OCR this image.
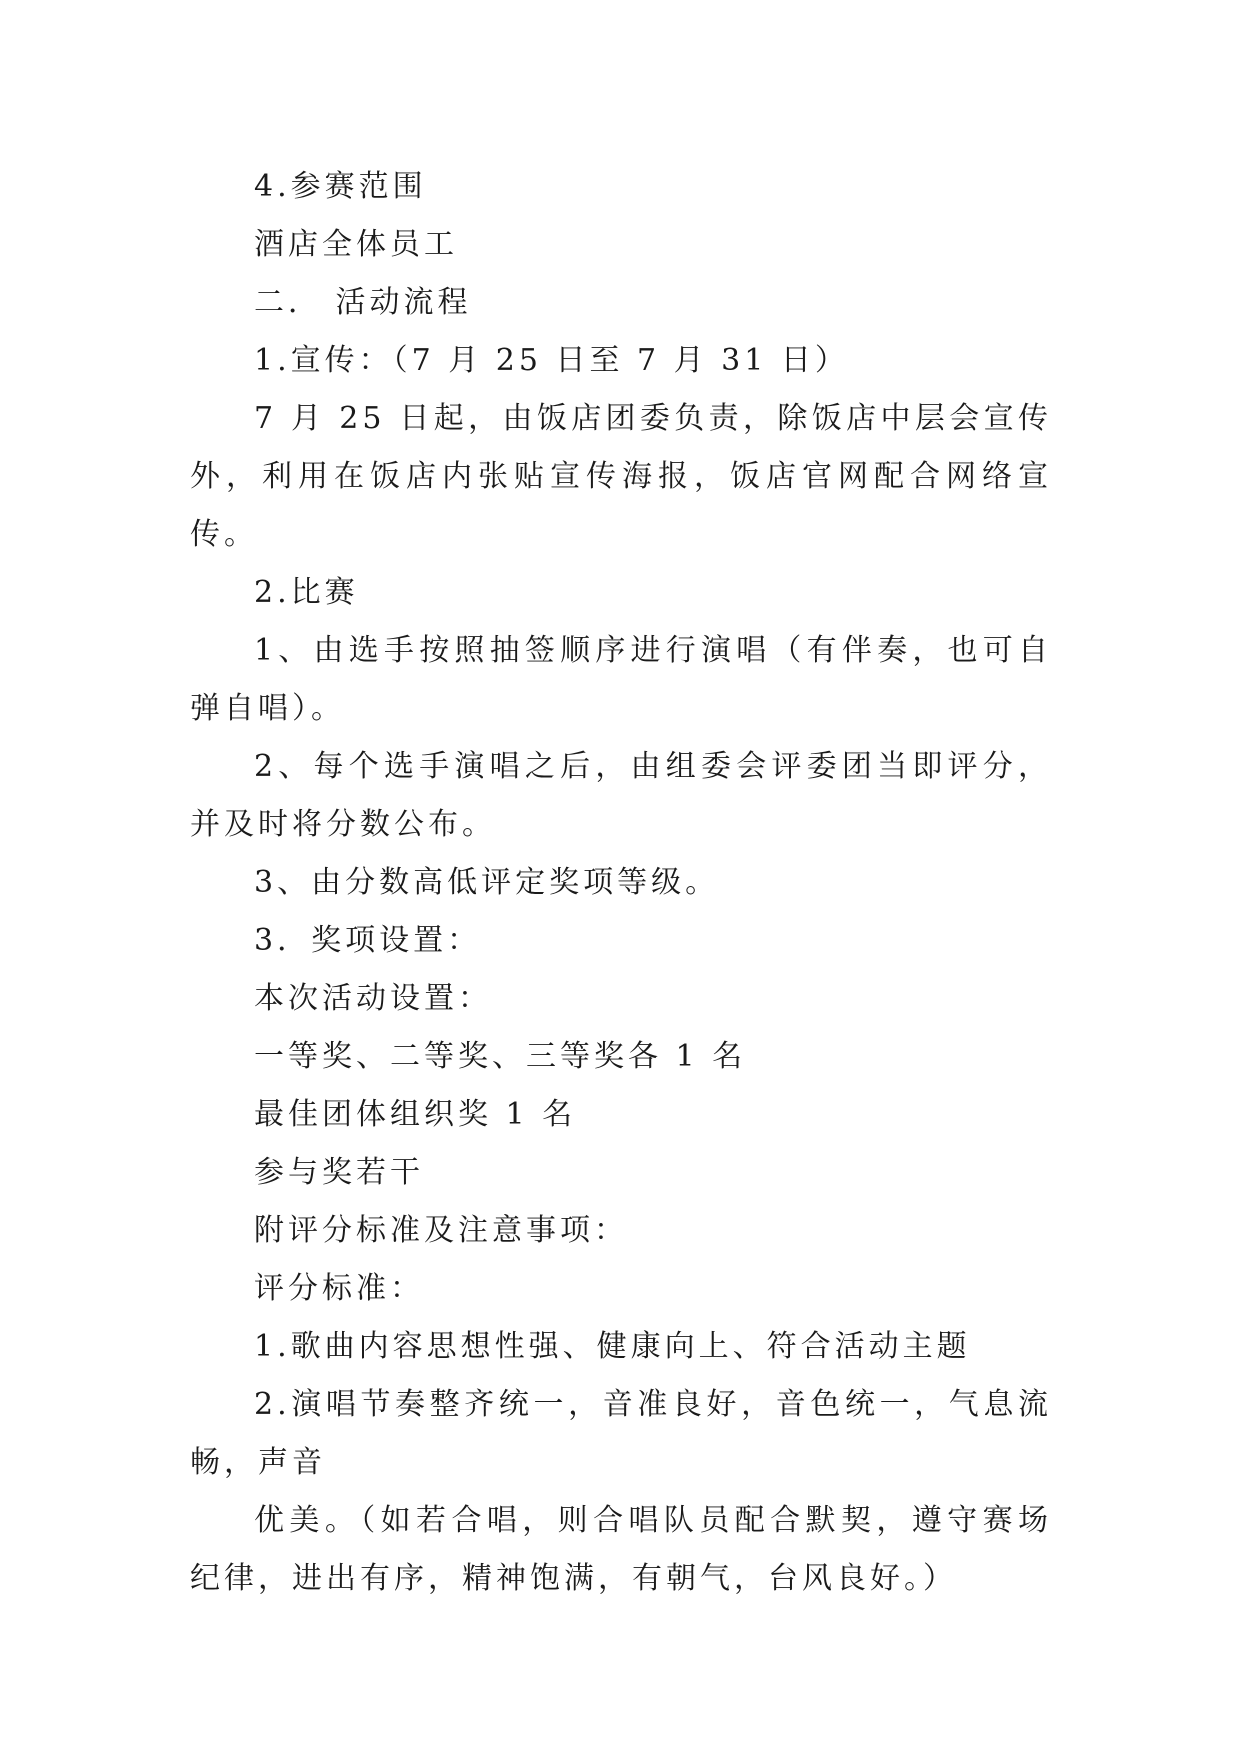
4.参赛范围

酒店全体员工

二． 活动流程

1.宣传：（7 月 25 日至 7 月 31 日）

7 月 25 日起，由饭店团委负责，除饭店中层会宣传外，利用在饭店内张贴宣传海报，饭店官网配合网络宣传。

2.比赛

1、由选手按照抽签顺序进行演唱（有伴奏，也可自弹自唱）。

2、每个选手演唱之后，由组委会评委团当即评分，并及时将分数公布。

3、由分数高低评定奖项等级。

3．奖项设置：

本次活动设置：

一等奖、二等奖、三等奖各 1 名

最佳团体组织奖 1 名

参与奖若干

附评分标准及注意事项：

评分标准：

1.歌曲内容思想性强、健康向上、符合活动主题

2.演唱节奏整齐统一，音准良好，音色统一，气息流畅，声音

优美。（如若合唱，则合唱队员配合默契，遵守赛场纪律，进出有序，精神饱满，有朝气，台风良好。）
